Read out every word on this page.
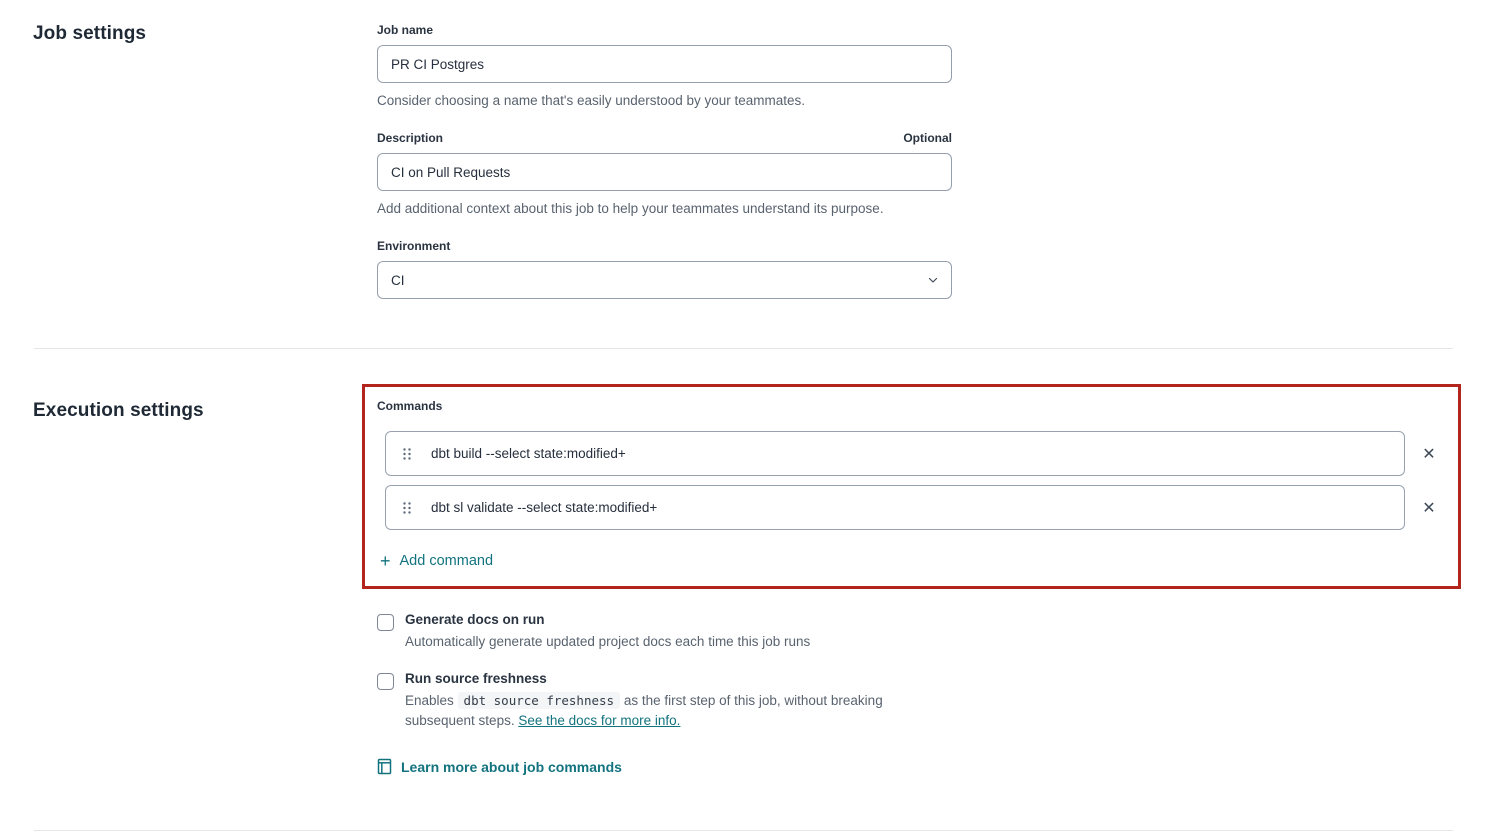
Job settings	Job name
PR CI Postgres
Consider choosing a name that's easily understood by your teammates.
Description	Optional
CI on Pull Requests
Add additional context about this job to help your teammates understand its purpose.
Environment
CI
Execution settings	Commands
dbt build --select state:modified+
✕
dbt sl validate --select state:modified+
✕
+ Add command
Generate docs on run
Automatically generate updated project docs each time this job runs
Run source freshness
Enables dbt source freshness as the first step of this job, without breaking subsequent steps. See the docs for more info.
Learn more about job commands
